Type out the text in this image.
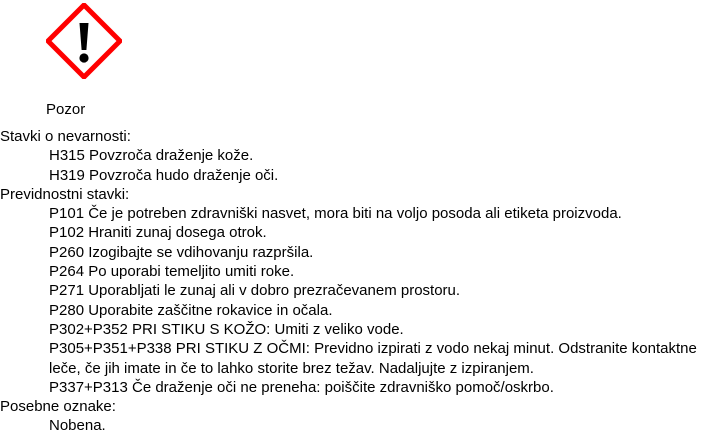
Pozor
Stavki o nevarnosti:
H315 Povzroča draženje kože.
H319 Povzroča hudo draženje oči.
Previdnostni stavki:
P101 Če je potreben zdravniški nasvet, mora biti na voljo posoda ali etiketa proizvoda.
P102 Hraniti zunaj dosega otrok.
P260 Izogibajte se vdihovanju razpršila.
P264 Po uporabi temeljito umiti roke.
P271 Uporabljati le zunaj ali v dobro prezračevanem prostoru.
P280 Uporabite zaščitne rokavice in očala.
P302+P352 PRI STIKU S KOŽO: Umiti z veliko vode.
P305+P351+P338 PRI STIKU Z OČMI: Previdno izpirati z vodo nekaj minut. Odstranite kontaktne leče, če jih imate in če to lahko storite brez težav. Nadaljujte z izpiranjem.
P337+P313 Če draženje oči ne preneha: poiščite zdravniško pomoč/oskrbo.
Posebne oznake:
Nobena.
